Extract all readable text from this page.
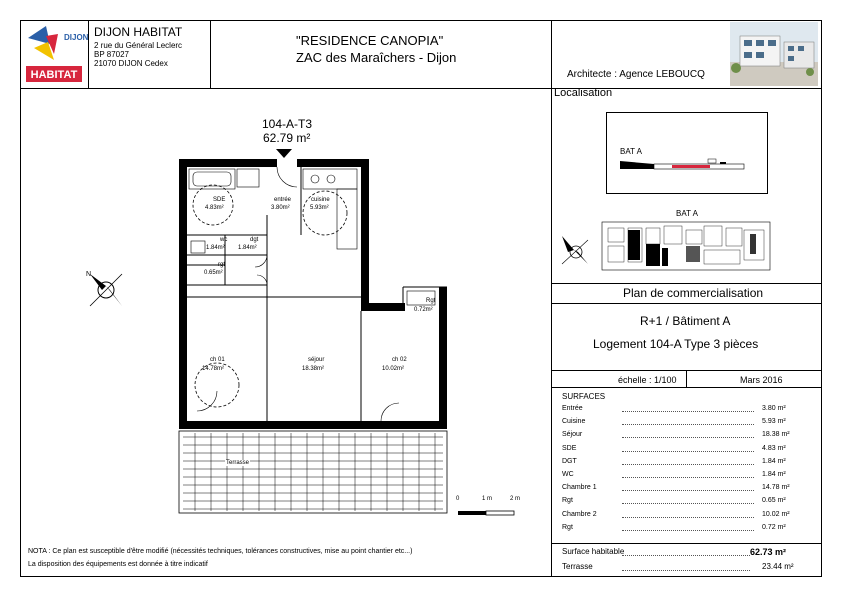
DIJON
HABITAT
DIJON HABITAT
2 rue du Général Leclerc
BP 87027
21070 DIJON Cedex
"RESIDENCE CANOPIA"
ZAC des Maraîchers - Dijon
Architecte : Agence LEBOUCQ
Localisation
BAT A
BAT A
Plan de commercialisation
R+1 / Bâtiment A
Logement 104-A Type 3 pièces
échelle : 1/100	Mars 2016
SURFACES
Entrée	3.80 m²
Cuisine	5.93 m²
Séjour	18.38 m²
SDE	4.83 m²
DGT	1.84 m²
WC	1.84 m²
Chambre 1	14.78 m²
Rgt	0.65 m²
Chambre 2	10.02 m²
Rgt	0.72 m²
Surface habitable	62.73 m²
Terrasse	23.44 m²
NOTA : Ce plan est susceptible d'être modifié (nécessités techniques, tolérances constructives, mise au point chantier etc...)
La disposition des équipements est donnée à titre indicatif
104-A-T3
62.79 m²
N
SDE
4.83m²
entrée
3.80m²
cuisine
5.93m²
wc
1.84m²
dgt
1.84m²
rgt
0.65m²
Rgt
0.72m²
ch 01
14.78m²
séjour
18.38m²
ch 02
10.02m²
Terrasse
0	1 m	2 m
